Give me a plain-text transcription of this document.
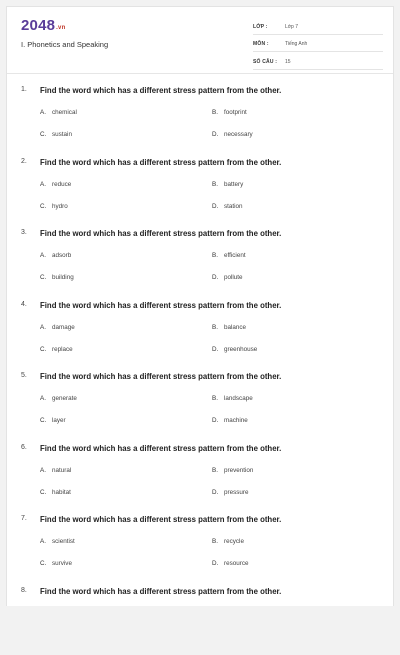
2048.vn
I. Phonetics and Speaking
LỚP :	Lớp 7
MÔN :	Tiếng Anh
SỐ CÂU :	15
1. Find the word which has a different stress pattern from the other.
A. chemical	B. footprint
C. sustain	D. necessary
2. Find the word which has a different stress pattern from the other.
A. reduce	B. battery
C. hydro	D. station
3. Find the word which has a different stress pattern from the other.
A. adsorb	B. efficient
C. building	D. pollute
4. Find the word which has a different stress pattern from the other.
A. damage	B. balance
C. replace	D. greenhouse
5. Find the word which has a different stress pattern from the other.
A. generate	B. landscape
C. layer	D. machine
6. Find the word which has a different stress pattern from the other.
A. natural	B. prevention
C. habitat	D. pressure
7. Find the word which has a different stress pattern from the other.
A. scientist	B. recycle
C. survive	D. resource
8. Find the word which has a different stress pattern from the other.
